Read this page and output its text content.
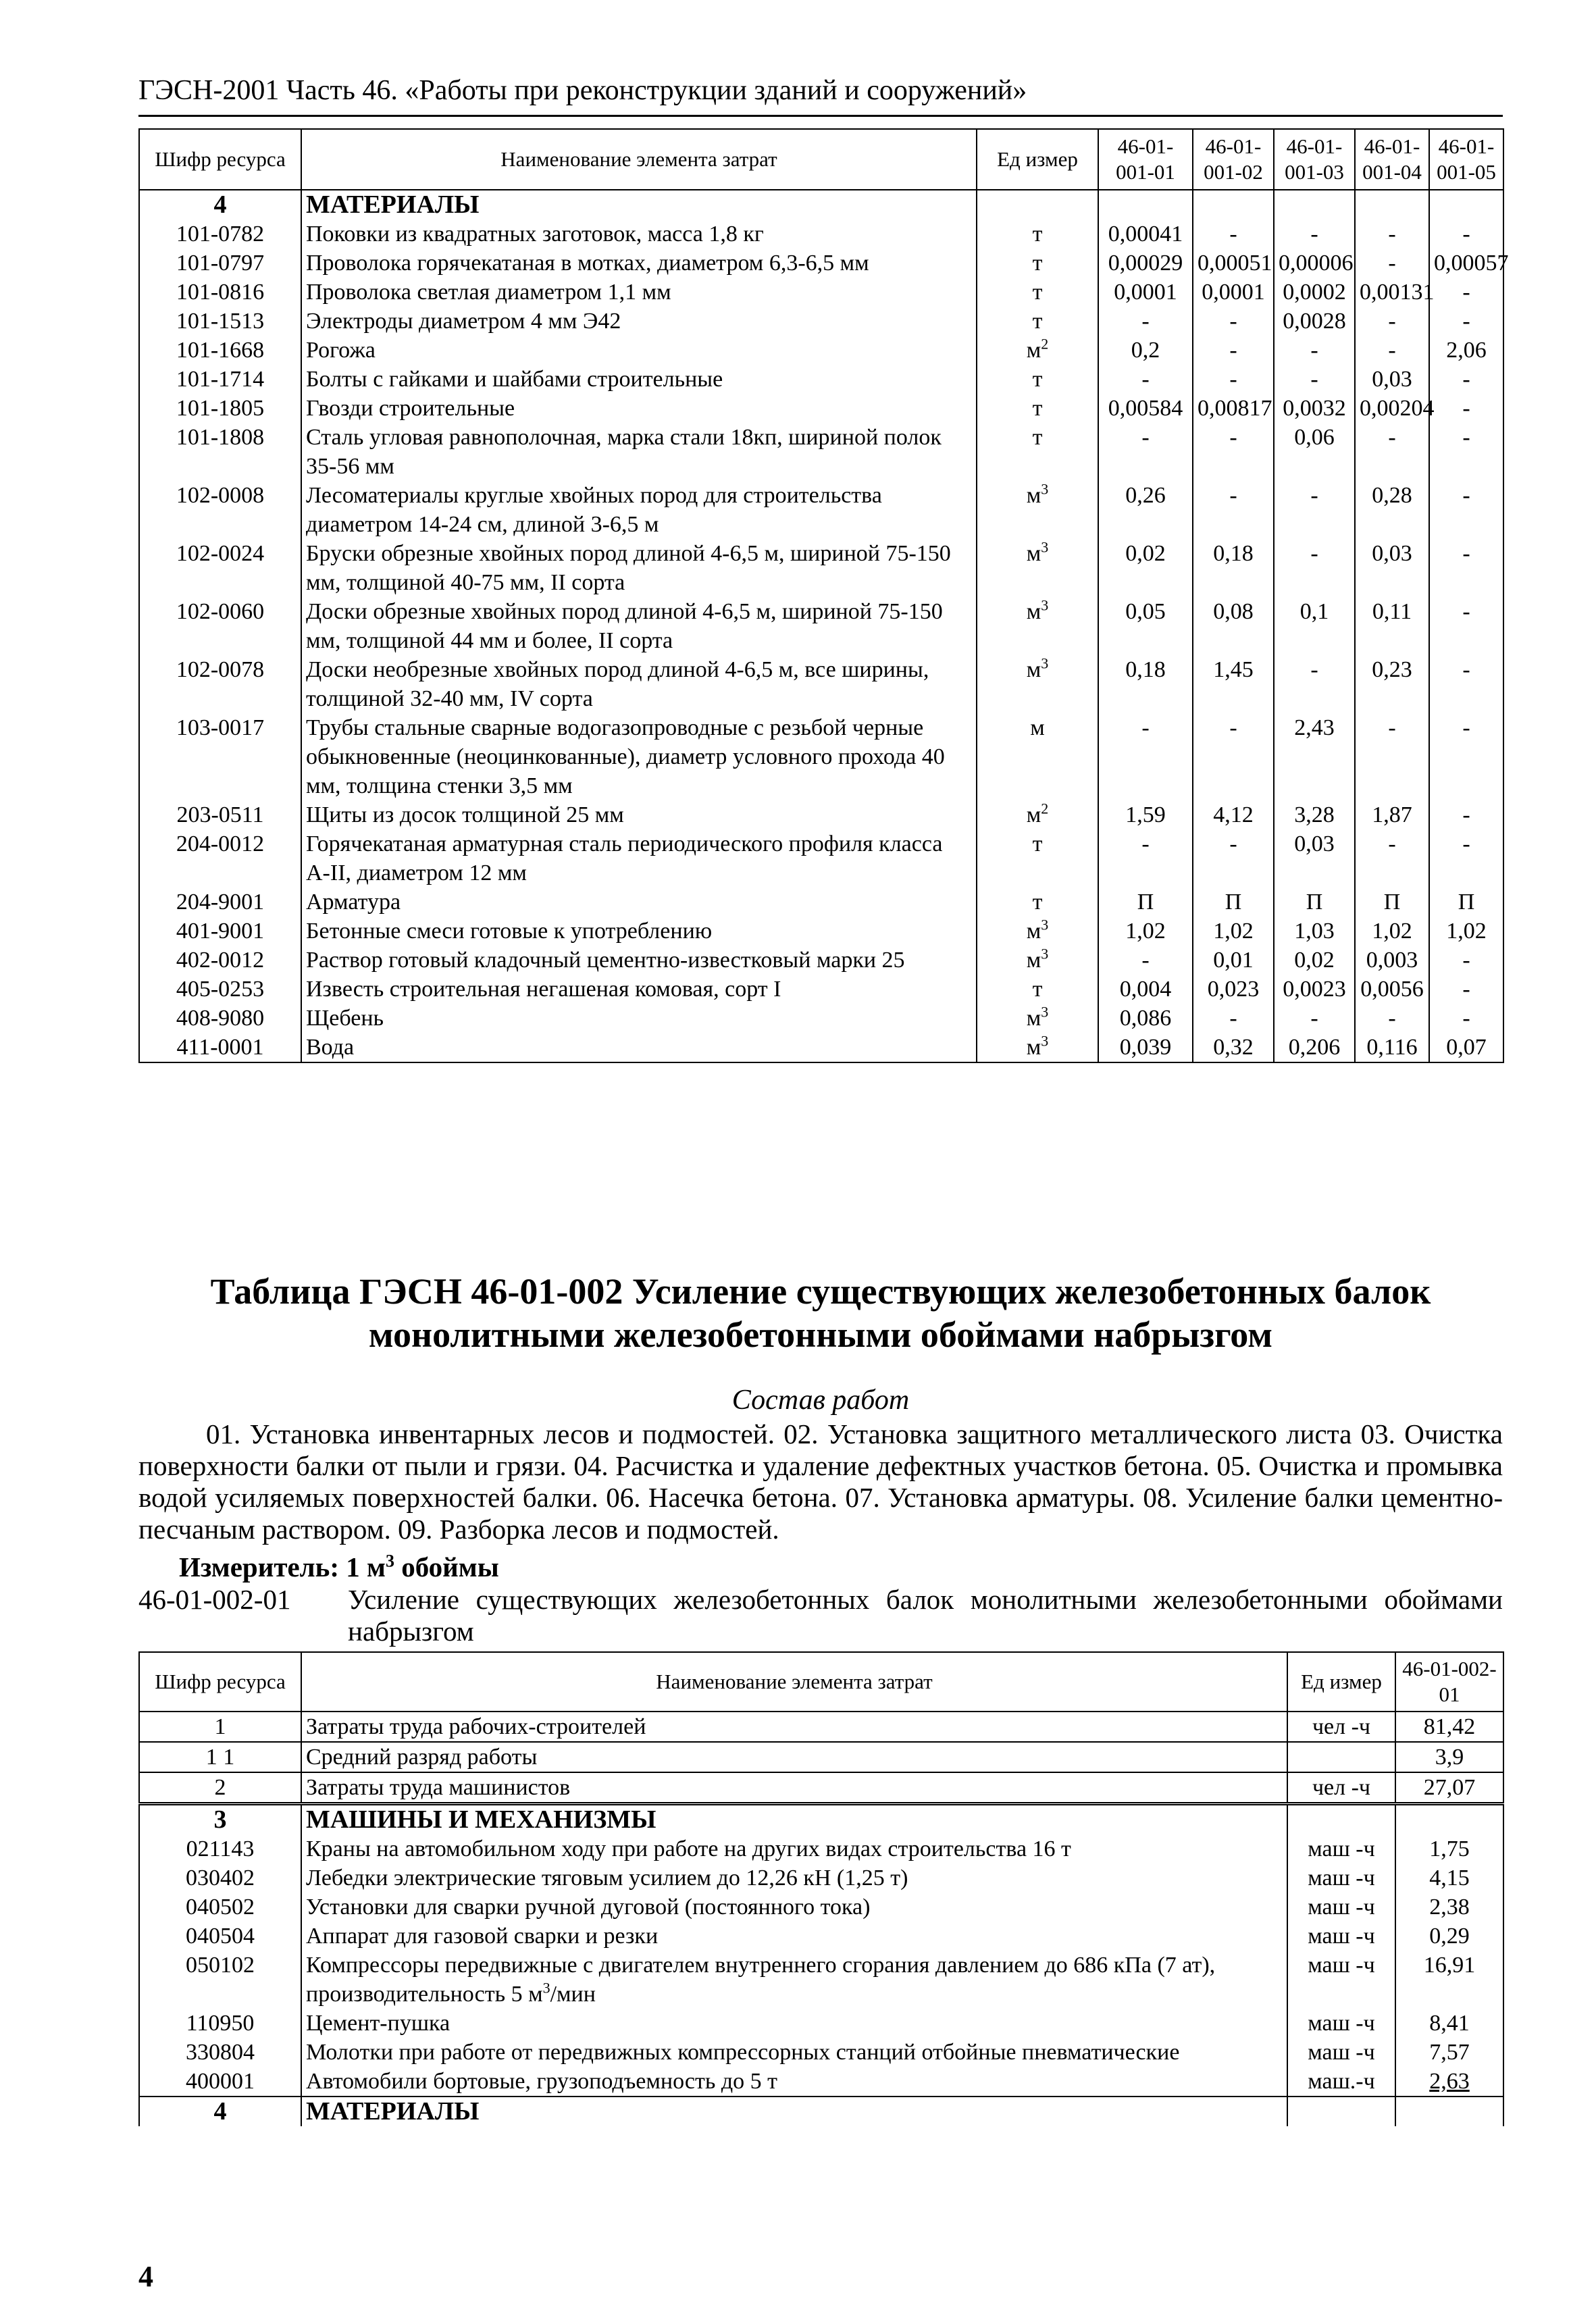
ГЭСН-2001 Часть 46. «Работы при реконструкции зданий и сооружений»
Шифр ресурса	Наименование элемента затрат	Ед измер	46-01-001-01	46-01-001-02	46-01-001-03	46-01-001-04	46-01-001-05
4	МАТЕРИАЛЫ						
101-0782	Поковки из квадратных заготовок, масса 1,8 кг	т	0,00041	-	-	-	-
101-0797	Проволока горячекатаная в мотках, диаметром 6,3-6,5 мм	т	0,00029	0,00051	0,00006	-	0,00057
101-0816	Проволока светлая диаметром 1,1 мм	т	0,0001	0,0001	0,0002	0,00131	-
101-1513	Электроды диаметром 4 мм Э42	т	-	-	0,0028	-	-
101-1668	Рогожа	$м^2$	0,2	-	-	-	2,06
101-1714	Болты с гайками и шайбами строительные	т	-	-	-	0,03	-
101-1805	Гвозди строительные	т	0,00584	0,00817	0,0032	0,00204	-
101-1808	Сталь угловая равнополочная, марка стали 18кп, шириной полок 35-56 мм	т	-	-	0,06	-	-
102-0008	Лесоматериалы круглые хвойных пород для строительства диаметром 14-24 см, длиной 3-6,5 м	$м^3$	0,26	-	-	0,28	-
102-0024	Бруски обрезные хвойных пород длиной 4-6,5 м, шириной 75-150 мм, толщиной 40-75 мм, II сорта	$м^3$	0,02	0,18	-	0,03	-
102-0060	Доски обрезные хвойных пород длиной 4-6,5 м, шириной 75-150 мм, толщиной 44 мм и более, II сорта	$м^3$	0,05	0,08	0,1	0,11	-
102-0078	Доски необрезные хвойных пород длиной 4-6,5 м, все ширины, толщиной 32-40 мм, IV сорта	$м^3$	0,18	1,45	-	0,23	-
103-0017	Трубы стальные сварные водогазопроводные с резьбой черные обыкновенные (неоцинкованные), диаметр условного прохода 40 мм, толщина стенки 3,5 мм	м	-	-	2,43	-	-
203-0511	Щиты из досок толщиной 25 мм	$м^2$	1,59	4,12	3,28	1,87	-
204-0012	Горячекатаная арматурная сталь периодического профиля класса А-II, диаметром 12 мм	т	-	-	0,03	-	-
204-9001	Арматура	т	П	П	П	П	П
401-9001	Бетонные смеси готовые к употреблению	$м^3$	1,02	1,02	1,03	1,02	1,02
402-0012	Раствор готовый кладочный цементно-известковый марки 25	$м^3$	-	0,01	0,02	0,003	-
405-0253	Известь строительная негашеная комовая, сорт I	т	0,004	0,023	0,0023	0,0056	-
408-9080	Щебень	$м^3$	0,086	-	-	-	-
411-0001	Вода	$м^3$	0,039	0,32	0,206	0,116	0,07
Таблица ГЭСН 46-01-002 Усиление существующих железобетонных балок монолитными железобетонными обоймами набрызгом
Состав работ
01. Установка инвентарных лесов и подмостей. 02. Установка защитного металлического листа 03. Очистка поверхности балки от пыли и грязи. 04. Расчистка и удаление дефектных участков бетона. 05. Очистка и промывка водой усиляемых поверхностей балки. 06. Насечка бетона. 07. Установка арматуры. 08. Усиление балки цементно-песчаным раствором. 09. Разборка лесов и подмостей.
Измеритель: 1 $м^3$ обоймы
46-01-002-01 Усиление существующих железобетонных балок монолитными железобетонными обоймами набрызгом
Шифр ресурса	Наименование элемента затрат	Ед измер	46-01-002-01
1	Затраты труда рабочих-строителей	чел -ч	81,42
1 1	Средний разряд работы		3,9
2	Затраты труда машинистов	чел -ч	27,07
3	МАШИНЫ И МЕХАНИЗМЫ		
021143	Краны на автомобильном ходу при работе на других видах строительства 16 т	маш -ч	1,75
030402	Лебедки электрические тяговым усилием до 12,26 кН (1,25 т)	маш -ч	4,15
040502	Установки для сварки ручной дуговой (постоянного тока)	маш -ч	2,38
040504	Аппарат для газовой сварки и резки	маш -ч	0,29
050102	Компрессоры передвижные с двигателем внутреннего сгорания давлением до 686 кПа (7 ат), производительность 5 $м^3$/мин	маш -ч	16,91
110950	Цемент-пушка	маш -ч	8,41
330804	Молотки при работе от передвижных компрессорных станций отбойные пневматические	маш -ч	7,57
400001	Автомобили бортовые, грузоподъемность до 5 т	маш.-ч	2,63
4	МАТЕРИАЛЫ		
4
